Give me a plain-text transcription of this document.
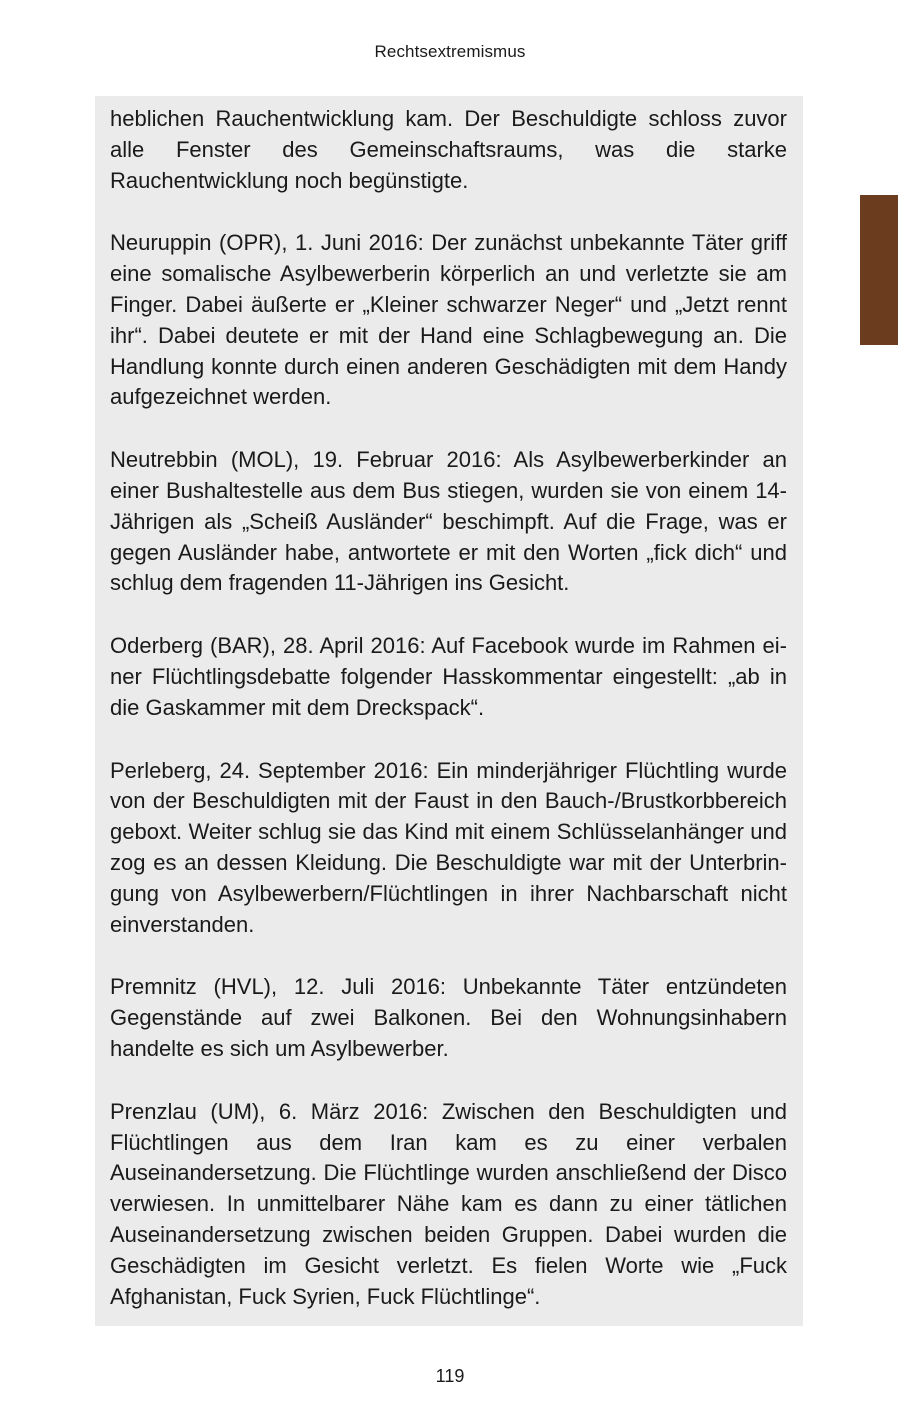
Rechtsextremismus

heblichen Rauchentwicklung kam. Der Beschuldigte schloss zuvor alle Fenster des Gemeinschaftsraums, was die starke Rauchentwicklung noch begünstigte.

Neuruppin (OPR), 1. Juni 2016: Der zunächst unbekannte Täter griff eine somalische Asylbewerberin körperlich an und verletzte sie am Finger. Dabei äußerte er „Kleiner schwarzer Neger“ und „Jetzt rennt ihr“. Dabei deutete er mit der Hand eine Schlagbewegung an. Die Handlung konnte durch einen anderen Geschädigten mit dem Handy aufgezeichnet werden.

Neutrebbin (MOL), 19. Februar 2016: Als Asylbewerberkinder an einer Bushaltestelle aus dem Bus stiegen, wurden sie von einem 14-Jährigen als „Scheiß Ausländer“ beschimpft. Auf die Frage, was er gegen Ausländer habe, antwortete er mit den Worten „fick dich“ und schlug dem fragenden 11-Jährigen ins Gesicht.

Oderberg (BAR), 28. April 2016: Auf Facebook wurde im Rahmen einer Flüchtlingsdebatte folgender Hasskommentar eingestellt: „ab in die Gaskammer mit dem Dreckspack“.

Perleberg, 24. September 2016: Ein minderjähriger Flüchtling wurde von der Beschuldigten mit der Faust in den Bauch-/Brustkorbbereich geboxt. Weiter schlug sie das Kind mit einem Schlüsselanhänger und zog es an dessen Kleidung. Die Beschuldigte war mit der Unterbringung von Asylbewerbern/Flüchtlingen in ihrer Nachbarschaft nicht einverstanden.

Premnitz (HVL), 12. Juli 2016: Unbekannte Täter entzündeten Gegenstände auf zwei Balkonen. Bei den Wohnungsinhabern handelte es sich um Asylbewerber.

Prenzlau (UM), 6. März 2016: Zwischen den Beschuldigten und Flüchtlingen aus dem Iran kam es zu einer verbalen Auseinandersetzung. Die Flüchtlinge wurden anschließend der Disco verwiesen. In unmittelbarer Nähe kam es dann zu einer tätlichen Auseinandersetzung zwischen beiden Gruppen. Dabei wurden die Geschädigten im Gesicht verletzt. Es fielen Worte wie „Fuck Afghanistan, Fuck Syrien, Fuck Flüchtlinge“.

119
